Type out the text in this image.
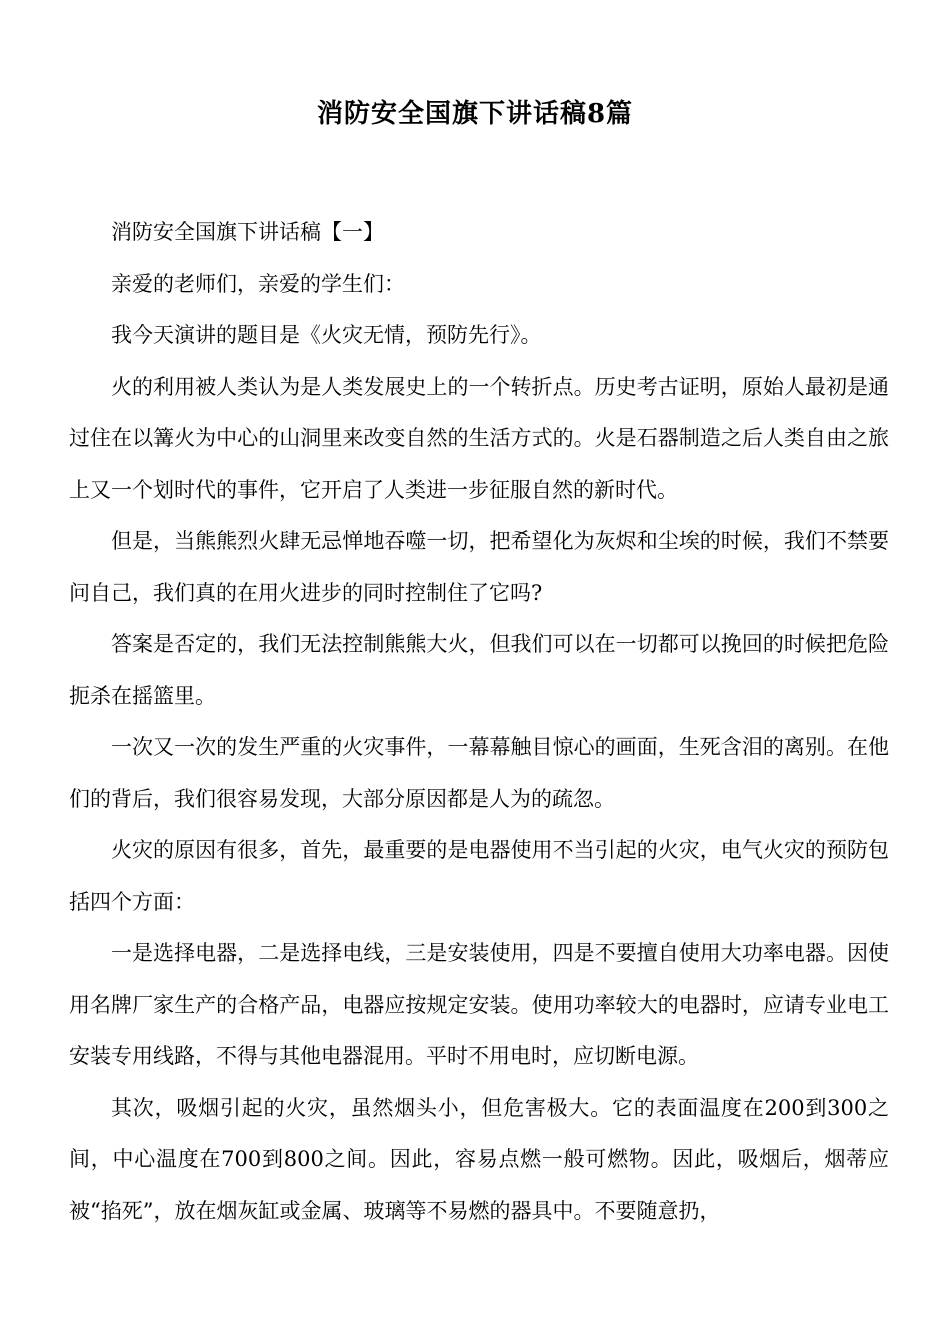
消防安全国旗下讲话稿8篇

消防安全国旗下讲话稿【一】

亲爱的老师们，亲爱的学生们：

我今天演讲的题目是《火灾无情，预防先行》。

火的利用被人类认为是人类发展史上的一个转折点。历史考古证明，原始人最初是通过住在以篝火为中心的山洞里来改变自然的生活方式的。火是石器制造之后人类自由之旅上又一个划时代的事件，它开启了人类进一步征服自然的新时代。

但是，当熊熊烈火肆无忌惮地吞噬一切，把希望化为灰烬和尘埃的时候，我们不禁要问自己，我们真的在用火进步的同时控制住了它吗?

答案是否定的，我们无法控制熊熊大火，但我们可以在一切都可以挽回的时候把危险扼杀在摇篮里。

一次又一次的发生严重的火灾事件，一幕幕触目惊心的画面，生死含泪的离别。在他们的背后，我们很容易发现，大部分原因都是人为的疏忽。

火灾的原因有很多，首先，最重要的是电器使用不当引起的火灾，电气火灾的预防包括四个方面：

一是选择电器，二是选择电线，三是安装使用，四是不要擅自使用大功率电器。因使用名牌厂家生产的合格产品，电器应按规定安装。使用功率较大的电器时，应请专业电工安装专用线路，不得与其他电器混用。平时不用电时，应切断电源。

其次，吸烟引起的火灾，虽然烟头小，但危害极大。它的表面温度在200到300之间，中心温度在700到800之间。因此，容易点燃一般可燃物。因此，吸烟后，烟蒂应被“掐死”，放在烟灰缸或金属、玻璃等不易燃的器具中。不要随意扔，
